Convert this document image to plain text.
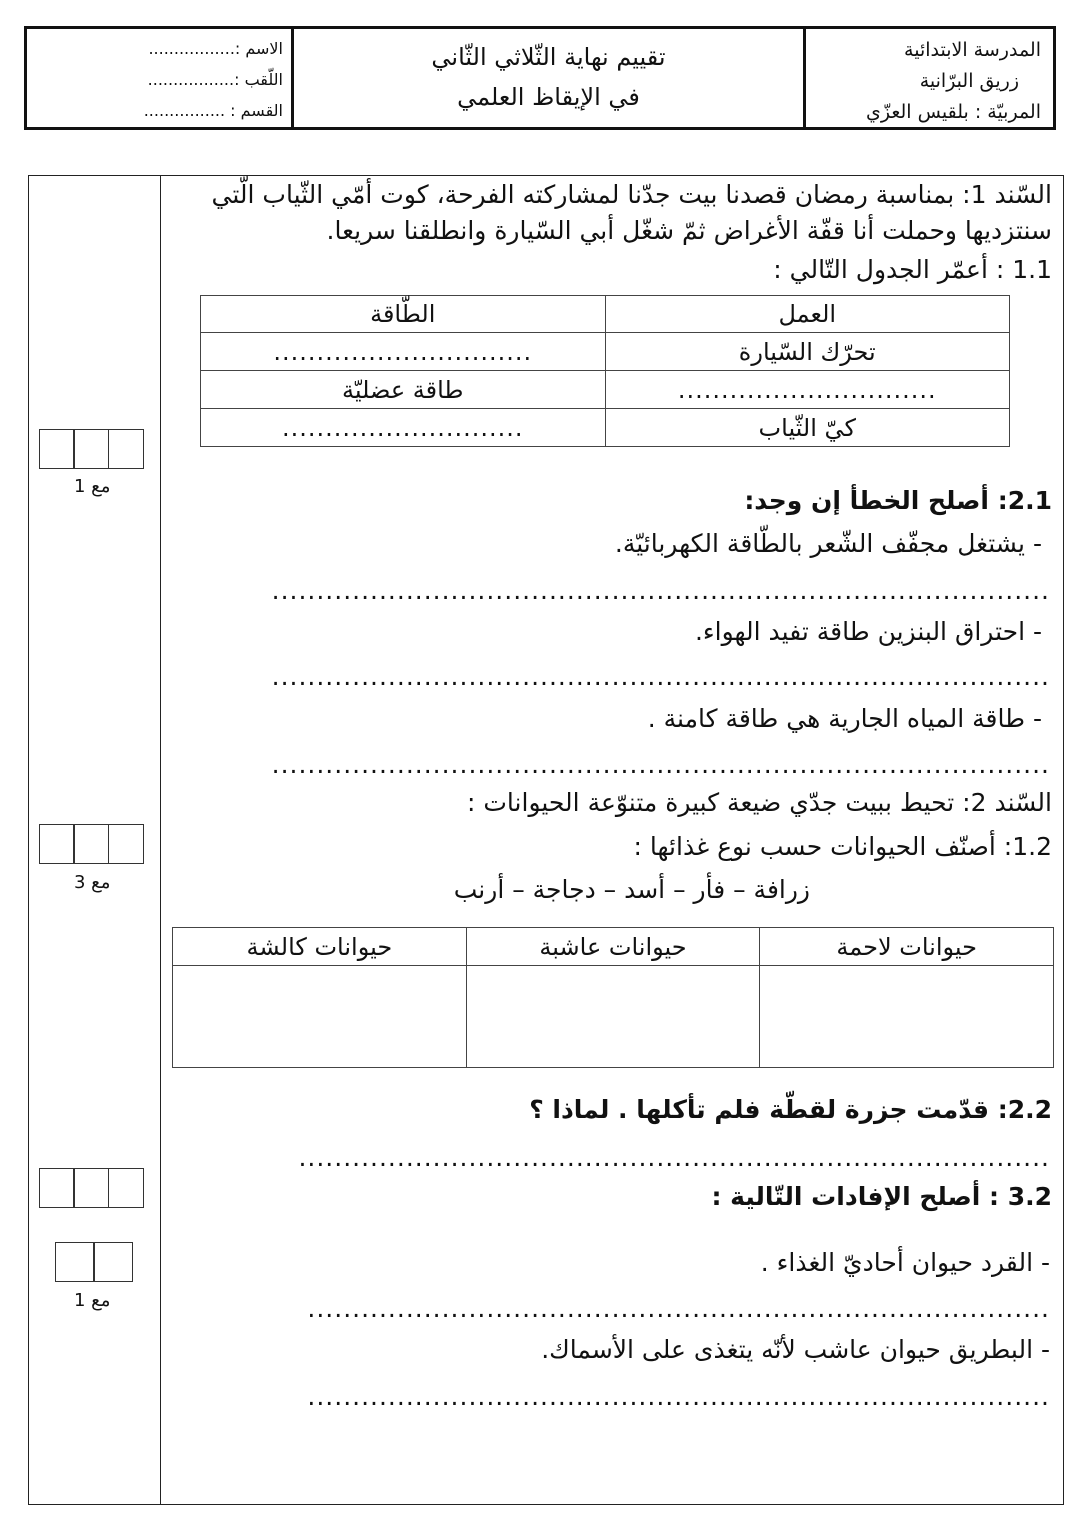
المدرسة الابتدائية
زريق البرّانية
المربيّة : بلقيس العزّي
تقييم نهاية الثّلاثي الثّاني
في الإيقاظ العلمي
الاسم :.................
اللّقب :.................
القسم : ................
السّند 1: بمناسبة رمضان قصدنا بيت جدّنا لمشاركته الفرحة، كوت أمّي الثّياب الّتي
سنتزديها وحملت أنا قفّة الأغراض ثمّ شغّل أبي السّيارة وانطلقنا سريعا.
1.1 : أعمّر الجدول التّالي :
العمل	الطّاقة
تحرّك السّيارة	..............................
..............................	طاقة عضليّة
كيّ الثّياب	............................
2.1: أصلح الخطأ إن وجد:
- يشتغل مجفّف الشّعر بالطّاقة الكهربائيّة.
.......................................................................................
- احتراق البنزين طاقة تفيد الهواء.
.......................................................................................
- طاقة المياه الجارية هي طاقة كامنة .
.......................................................................................
السّند 2: تحيط ببيت جدّي ضيعة كبيرة متنوّعة الحيوانات :
1.2: أصنّف الحيوانات حسب نوع غذائها :
زرافة – فأر – أسد – دجاجة – أرنب
حيوانات لاحمة	حيوانات عاشبة	حيوانات كالشة

2.2: قدّمت جزرة لقطّة فلم تأكلها . لماذا ؟
....................................................................................
3.2 : أصلح الإفادات التّالية :
- القرد حيوان أحاديّ الغذاء .
...................................................................................
- البطريق حيوان عاشب لأنّه يتغذى على الأسماك.
...................................................................................
مع 1
مع 3
مع 1
